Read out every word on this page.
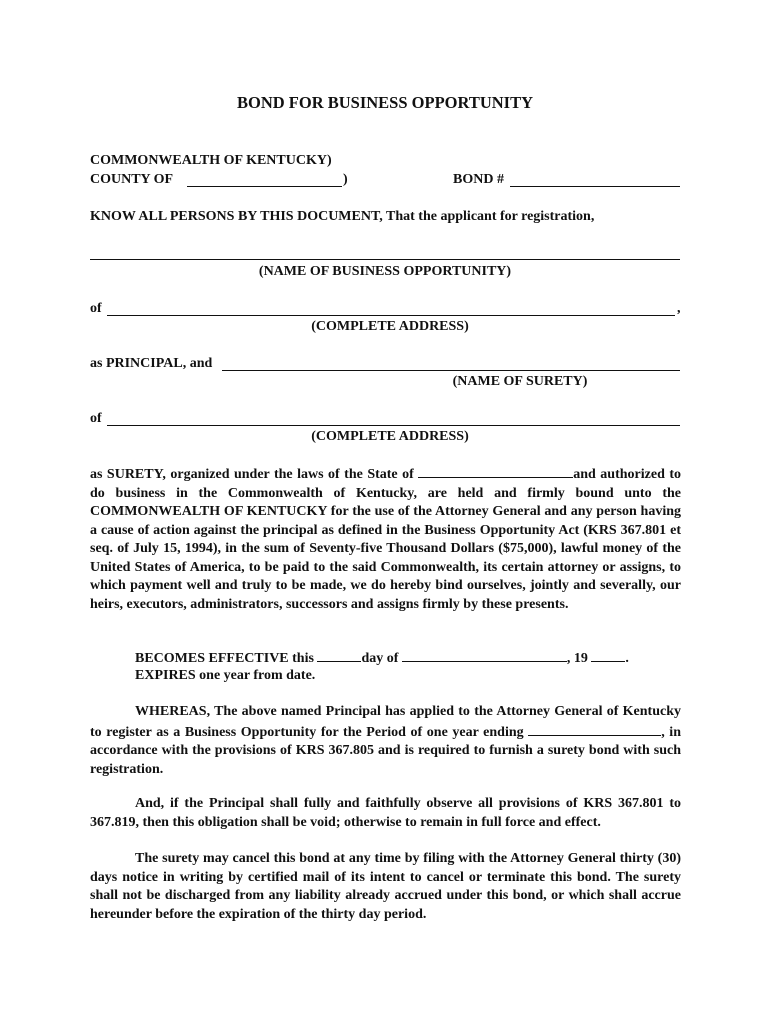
BOND FOR BUSINESS OPPORTUNITY
COMMONWEALTH OF KENTUCKY)
COUNTY OF	)	BOND #
KNOW ALL PERSONS BY THIS DOCUMENT, That the applicant for registration,
(NAME OF BUSINESS OPPORTUNITY)
of	,
(COMPLETE ADDRESS)
as PRINCIPAL, and
(NAME OF SURETY)
of
(COMPLETE ADDRESS)

as SURETY, organized under the laws of the State of	and authorized to do business in the Commonwealth of Kentucky, are held and firmly bound unto the COMMONWEALTH OF KENTUCKY for the use of the Attorney General and any person having a cause of action against the principal as defined in the Business Opportunity Act (KRS 367.801 et seq. of July 15, 1994), in the sum of Seventy-five Thousand Dollars ($75,000), lawful money of the United States of America, to be paid to the said Commonwealth, its certain attorney or assigns, to which payment well and truly to be made, we do hereby bind ourselves, jointly and severally, our heirs, executors, administrators, successors and assigns firmly by these presents.

BECOMES EFFECTIVE this	day of	, 19	.
EXPIRES one year from date.

WHEREAS, The above named Principal has applied to the Attorney General of Kentucky to register as a Business Opportunity for the Period of one year ending	, in accordance with the provisions of KRS 367.805 and is required to furnish a surety bond with such registration.

And, if the Principal shall fully and faithfully observe all provisions of KRS 367.801 to 367.819, then this obligation shall be void; otherwise to remain in full force and effect.

The surety may cancel this bond at any time by filing with the Attorney General thirty (30) days notice in writing by certified mail of its intent to cancel or terminate this bond. The surety shall not be discharged from any liability already accrued under this bond, or which shall accrue hereunder before the expiration of the thirty day period.
